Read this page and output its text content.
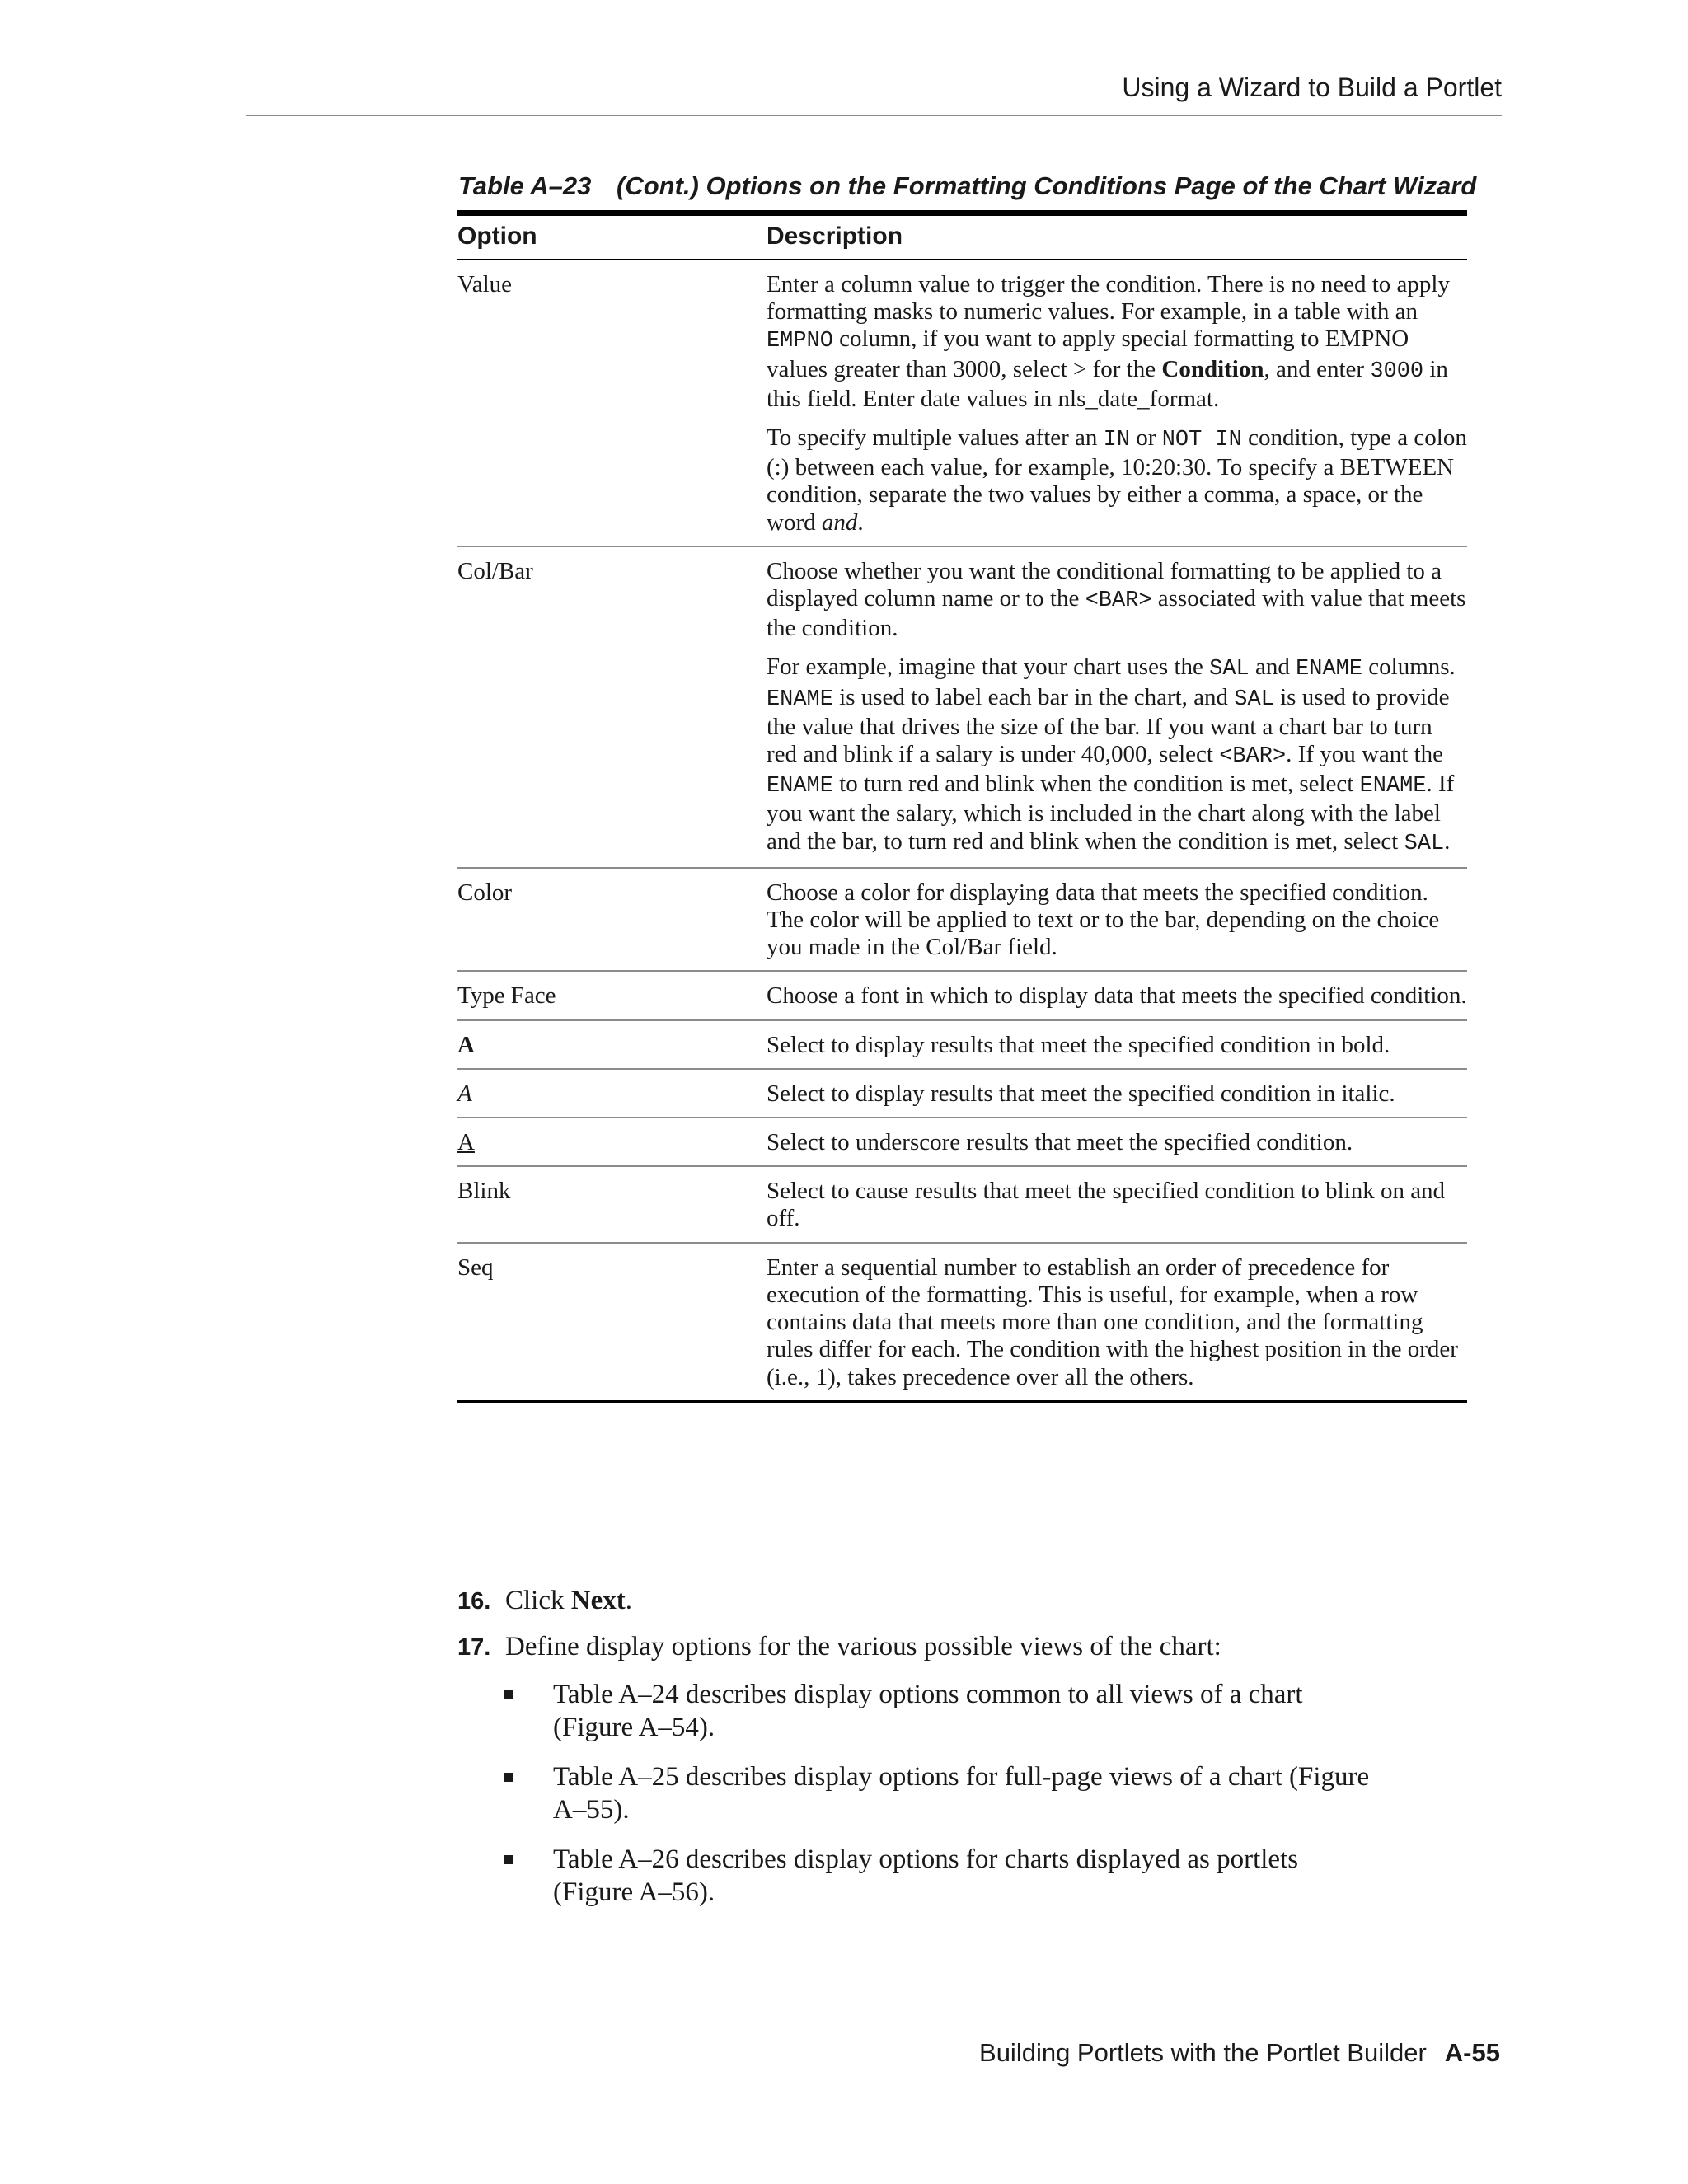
Using a Wizard to Build a Portlet
Table A–23 (Cont.) Options on the Formatting Conditions Page of the Chart Wizard
Option	Description
Value	Enter a column value to trigger the condition. There is no need to apply formatting masks to numeric values. For example, in a table with an EMPNO column, if you want to apply special formatting to EMPNO values greater than 3000, select > for the Condition, and enter 3000 in this field. Enter date values in nls_date_format.

To specify multiple values after an IN or NOT IN condition, type a colon (:) between each value, for example, 10:20:30. To specify a BETWEEN condition, separate the two values by either a comma, a space, or the word and.

Col/Bar	Choose whether you want the conditional formatting to be applied to a displayed column name or to the <BAR> associated with value that meets the condition.

For example, imagine that your chart uses the SAL and ENAME columns. ENAME is used to label each bar in the chart, and SAL is used to provide the value that drives the size of the bar. If you want a chart bar to turn red and blink if a salary is under 40,000, select <BAR>. If you want the ENAME to turn red and blink when the condition is met, select ENAME. If you want the salary, which is included in the chart along with the label and the bar, to turn red and blink when the condition is met, select SAL.

Color	Choose a color for displaying data that meets the specified condition. The color will be applied to text or to the bar, depending on the choice you made in the Col/Bar field.
Type Face	Choose a font in which to display data that meets the specified condition.
A	Select to display results that meet the specified condition in bold.
A	Select to display results that meet the specified condition in italic.
A	Select to underscore results that meet the specified condition.
Blink	Select to cause results that meet the specified condition to blink on and off.
Seq	Enter a sequential number to establish an order of precedence for execution of the formatting. This is useful, for example, when a row contains data that meets more than one condition, and the formatting rules differ for each. The condition with the highest position in the order (i.e., 1), takes precedence over all the others.
16. Click Next.
17. Define display options for the various possible views of the chart:
Table A–24 describes display options common to all views of a chart (Figure A–54).
Table A–25 describes display options for full-page views of a chart (Figure A–55).
Table A–26 describes display options for charts displayed as portlets (Figure A–56).
Building Portlets with the Portlet Builder A-55
